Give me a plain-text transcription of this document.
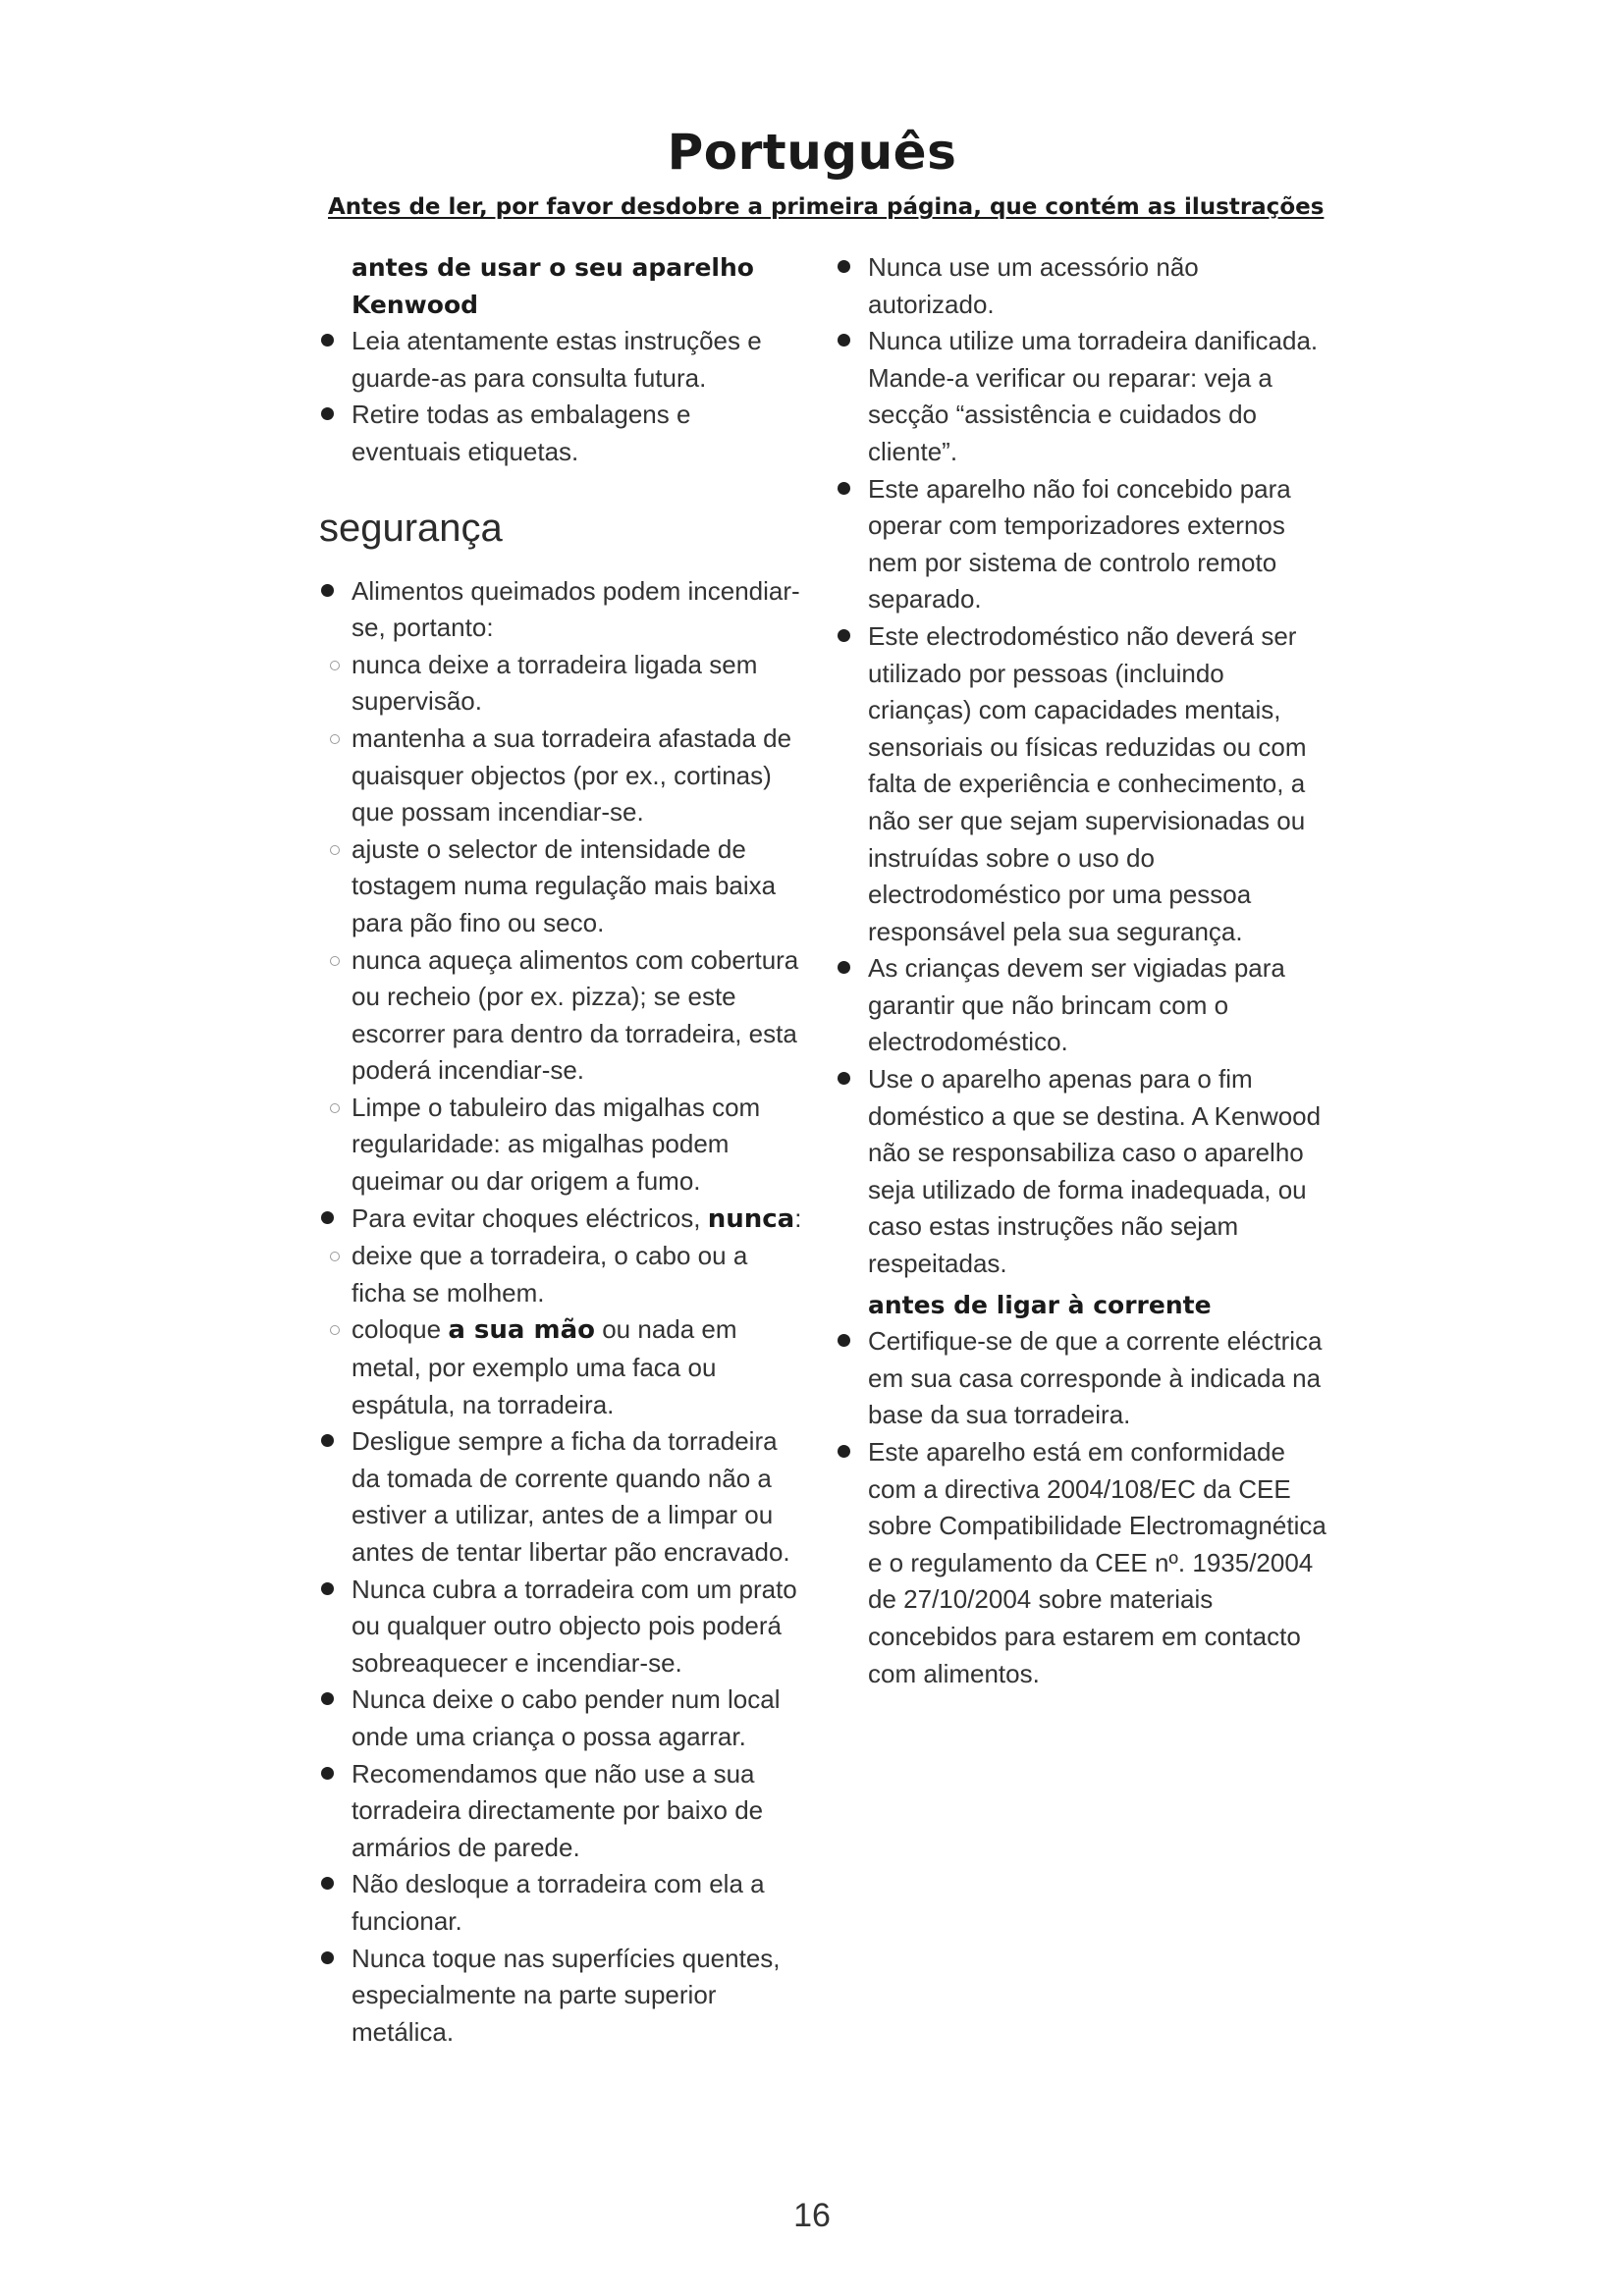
Português
Antes de ler, por favor desdobre a primeira página, que contém as ilustrações
antes de usar o seu aparelho Kenwood
Leia atentamente estas instruções e guarde-as para consulta futura.
Retire todas as embalagens e eventuais etiquetas.
segurança
Alimentos queimados podem incendiar-se, portanto:
nunca deixe a torradeira ligada sem supervisão.
mantenha a sua torradeira afastada de quaisquer objectos (por ex., cortinas) que possam incendiar-se.
ajuste o selector de intensidade de tostagem numa regulação mais baixa para pão fino ou seco.
nunca aqueça alimentos com cobertura ou recheio (por ex. pizza); se este escorrer para dentro da torradeira, esta poderá incendiar-se.
Limpe o tabuleiro das migalhas com regularidade: as migalhas podem queimar ou dar origem a fumo.
Para evitar choques eléctricos, nunca:
deixe que a torradeira, o cabo ou a ficha se molhem.
coloque a sua mão ou nada em metal, por exemplo uma faca ou espátula, na torradeira.
Desligue sempre a ficha da torradeira da tomada de corrente quando não a estiver a utilizar, antes de a limpar ou antes de tentar libertar pão encravado.
Nunca cubra a torradeira com um prato ou qualquer outro objecto pois poderá sobreaquecer e incendiar-se.
Nunca deixe o cabo pender num local onde uma criança o possa agarrar.
Recomendamos que não use a sua torradeira directamente por baixo de armários de parede.
Não desloque a torradeira com ela a funcionar.
Nunca toque nas superfícies quentes, especialmente na parte superior metálica.
Nunca use um acessório não autorizado.
Nunca utilize uma torradeira danificada. Mande-a verificar ou reparar: veja a secção “assistência e cuidados do cliente”.
Este aparelho não foi concebido para operar com temporizadores externos nem por sistema de controlo remoto separado.
Este electrodoméstico não deverá ser utilizado por pessoas (incluindo crianças) com capacidades mentais, sensoriais ou físicas reduzidas ou com falta de experiência e conhecimento, a não ser que sejam supervisionadas ou instruídas sobre o uso do electrodoméstico por uma pessoa responsável pela sua segurança.
As crianças devem ser vigiadas para garantir que não brincam com o electrodoméstico.
Use o aparelho apenas para o fim doméstico a que se destina. A Kenwood não se responsabiliza caso o aparelho seja utilizado de forma inadequada, ou caso estas instruções não sejam respeitadas.
antes de ligar à corrente
Certifique-se de que a corrente eléctrica em sua casa corresponde à indicada na base da sua torradeira.
Este aparelho está em conformidade com a directiva 2004/108/EC da CEE sobre Compatibilidade Electromagnética e o regulamento da CEE nº. 1935/2004 de 27/10/2004 sobre materiais concebidos para estarem em contacto com alimentos.
16
